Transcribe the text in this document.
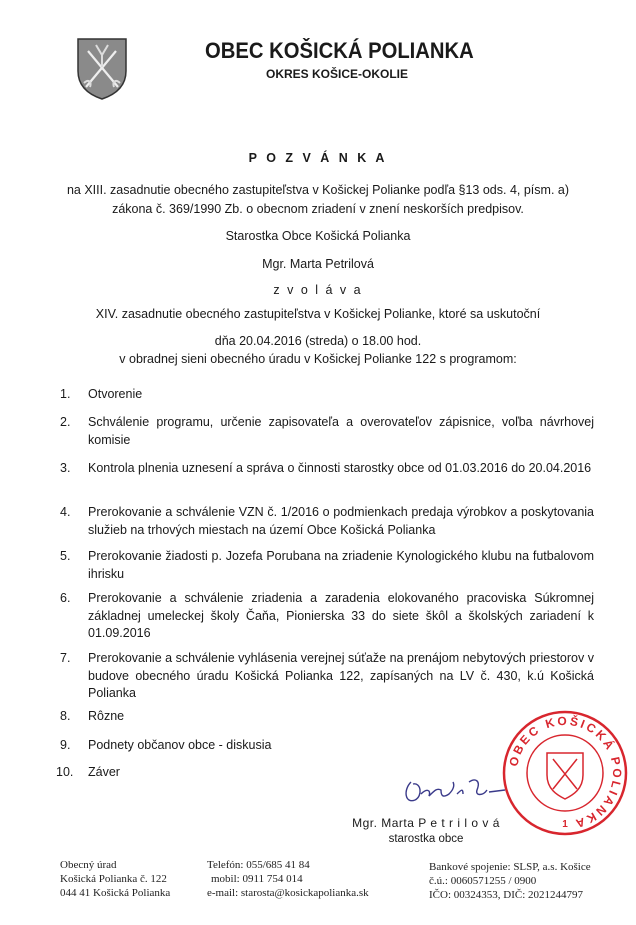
OBEC KOŠICKÁ POLIANKA
OKRES KOŠICE-OKOLIE
P O Z V Á N K A
na XIII. zasadnutie obecného zastupiteľstva v Košickej Polianke podľa §13 ods. 4, písm. a)
zákona č. 369/1990 Zb. o obecnom zriadení v znení neskorších predpisov.
Starostka Obce Košická Polianka
Mgr. Marta Petrilová
z v o l á v a
XIV. zasadnutie obecného zastupiteľstva v Košickej Polianke, ktoré sa uskutoční
dňa 20.04.2016 (streda) o 18.00 hod.
v obradnej sieni obecného úradu v Košickej Polianke 122 s programom:
1. Otvorenie
2. Schválenie programu, určenie zapisovateľa a overovateľov zápisnice, voľba návrhovej komisie
3. Kontrola plnenia uznesení a správa o činnosti starostky obce od 01.03.2016 do 20.04.2016
4. Prerokovanie a schválenie VZN č. 1/2016 o podmienkach predaja výrobkov a poskytovania služieb na trhových miestach na území Obce Košická Polianka
5. Prerokovanie žiadosti p. Jozefa Porubana na zriadenie Kynologického klubu na futbalovom ihrisku
6. Prerokovanie a schválenie zriadenia a zaradenia elokovaného pracoviska Súkromnej základnej umeleckej školy Čaňa, Pionierska 33 do siete škôl a školských zariadení k 01.09.2016
7. Prerokovanie a schválenie vyhlásenia verejnej súťaže na prenájom nebytových priestorov v budove obecného úradu Košická Polianka 122, zapísaných na LV č. 430, k.ú Košická Polianka
8. Rôzne
9. Podnety občanov obce - diskusia
10. Záver
OBEC KOŠICKÁ POLIANKA
1
Mgr. Marta P e t r i l o v á
starostka obce
Obecný úrad
Košická Polianka č. 122
044 41 Košická Polianka
Telefón: 055/685 41 84
mobil: 0911 754 014
e-mail: starosta@kosickapolianka.sk
Bankové spojenie: SLSP, a.s. Košice
č.ú.: 0060571255 / 0900
IČO: 00324353, DIČ: 2021244797
